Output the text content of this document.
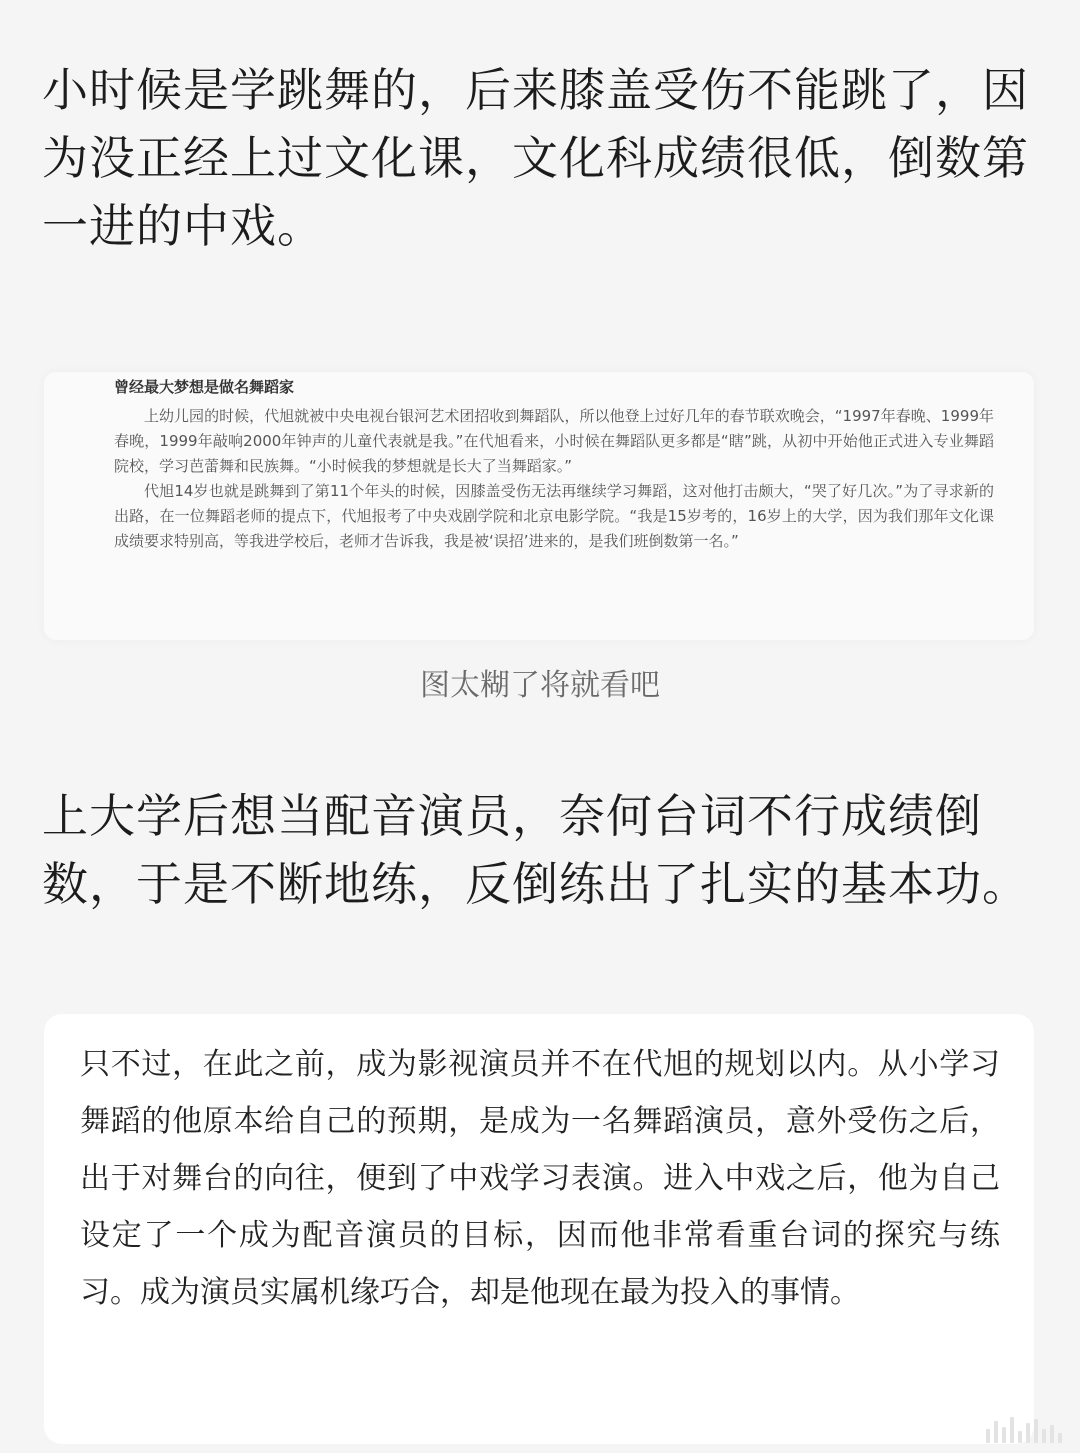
小时候是学跳舞的，后来膝盖受伤不能跳了，因为没正经上过文化课，文化科成绩很低，倒数第一进的中戏。

曾经最大梦想是做名舞蹈家

上幼儿园的时候，代旭就被中央电视台银河艺术团招收到舞蹈队，所以他登上过好几年的春节联欢晚会，“1997年春晚、1999年春晚，1999年敲响2000年钟声的儿童代表就是我。”在代旭看来，小时候在舞蹈队更多都是“瞎”跳，从初中开始他正式进入专业舞蹈院校，学习芭蕾舞和民族舞。“小时候我的梦想就是长大了当舞蹈家。”

代旭14岁也就是跳舞到了第11个年头的时候，因膝盖受伤无法再继续学习舞蹈，这对他打击颇大，“哭了好几次。”为了寻求新的出路，在一位舞蹈老师的提点下，代旭报考了中央戏剧学院和北京电影学院。“我是15岁考的，16岁上的大学，因为我们那年文化课成绩要求特别高，等我进学校后，老师才告诉我，我是被‘误招’进来的，是我们班倒数第一名。”

图太糊了将就看吧

上大学后想当配音演员，奈何台词不行成绩倒数，于是不断地练，反倒练出了扎实的基本功。

只不过，在此之前，成为影视演员并不在代旭的规划以内。从小学习舞蹈的他原本给自己的预期，是成为一名舞蹈演员，意外受伤之后，出于对舞台的向往，便到了中戏学习表演。进入中戏之后，他为自己设定了一个成为配音演员的目标，因而他非常看重台词的探究与练习。成为演员实属机缘巧合，却是他现在最为投入的事情。
